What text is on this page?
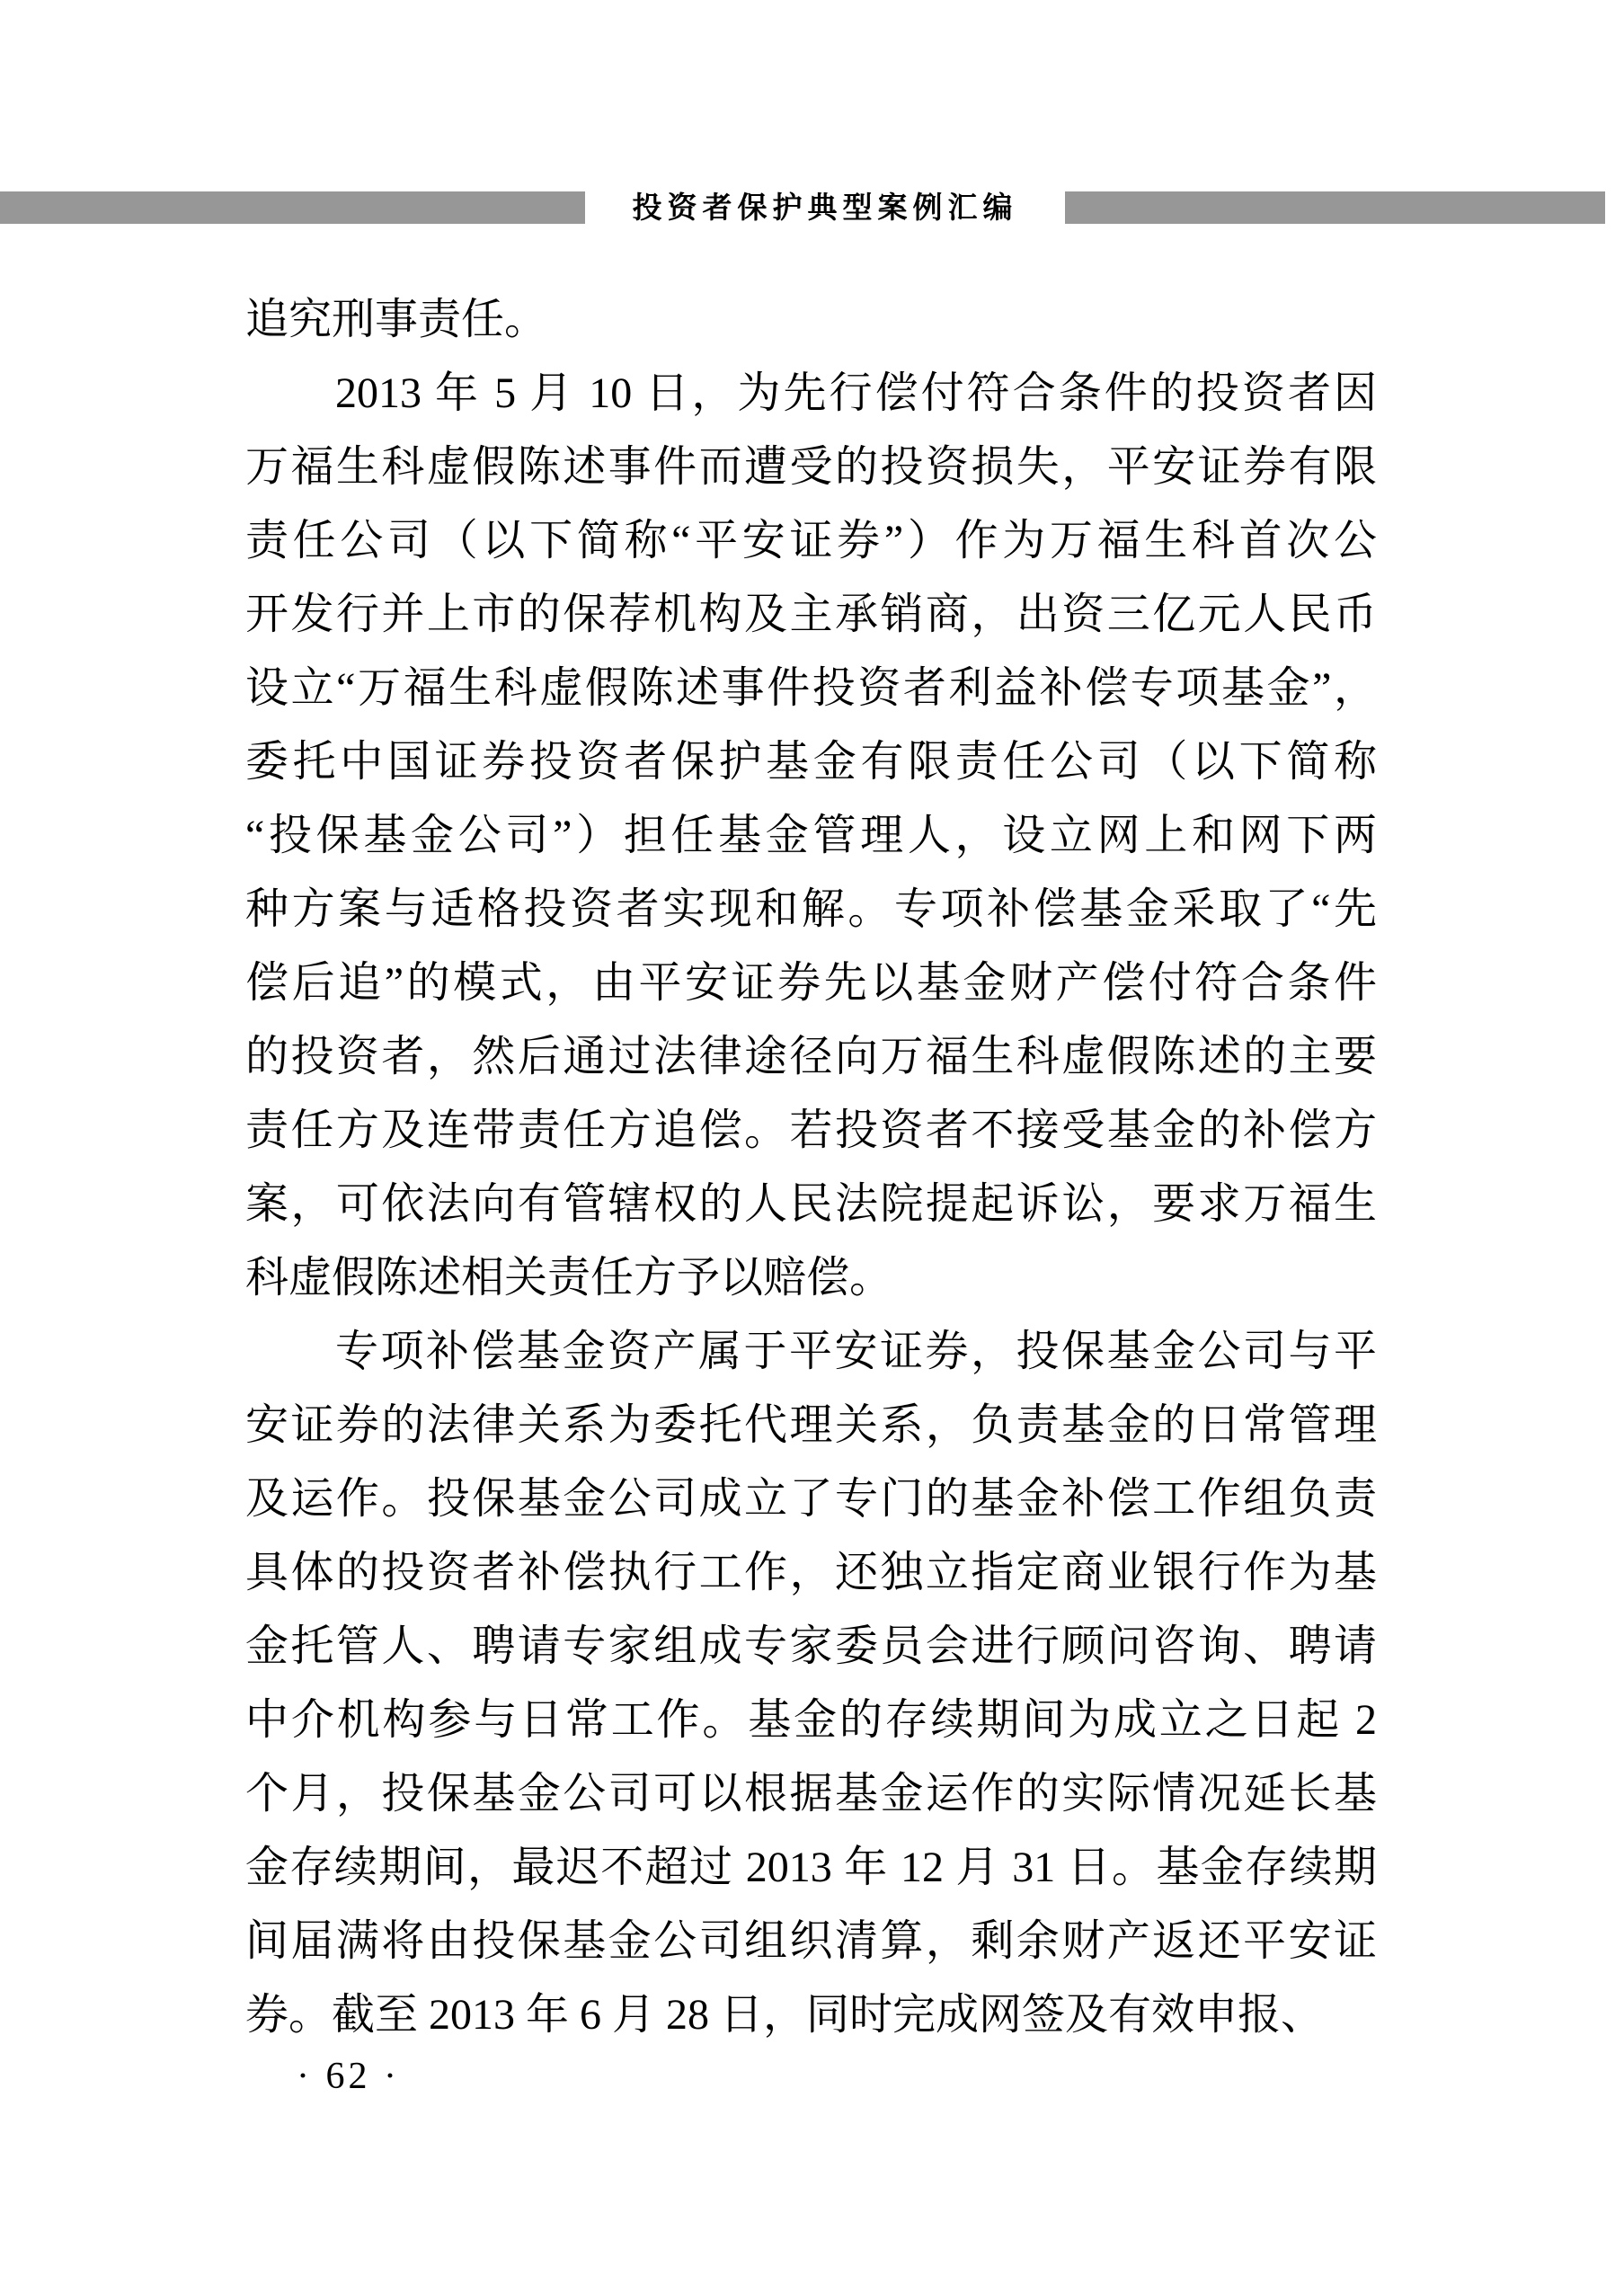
投资者保护典型案例汇编
追究刑事责任。
2013 年 5 月 10 日，为先行偿付符合条件的投资者因
万福生科虚假陈述事件而遭受的投资损失，平安证券有限
责任公司（以下简称“平安证券”）作为万福生科首次公
开发行并上市的保荐机构及主承销商，出资三亿元人民币
设立“万福生科虚假陈述事件投资者利益补偿专项基金”，
委托中国证券投资者保护基金有限责任公司（以下简称
“投保基金公司”）担任基金管理人，设立网上和网下两
种方案与适格投资者实现和解。专项补偿基金采取了“先
偿后追”的模式，由平安证券先以基金财产偿付符合条件
的投资者，然后通过法律途径向万福生科虚假陈述的主要
责任方及连带责任方追偿。若投资者不接受基金的补偿方
案，可依法向有管辖权的人民法院提起诉讼，要求万福生
科虚假陈述相关责任方予以赔偿。
专项补偿基金资产属于平安证券，投保基金公司与平
安证券的法律关系为委托代理关系，负责基金的日常管理
及运作。投保基金公司成立了专门的基金补偿工作组负责
具体的投资者补偿执行工作，还独立指定商业银行作为基
金托管人、聘请专家组成专家委员会进行顾问咨询、聘请
中介机构参与日常工作。基金的存续期间为成立之日起 2
个月，投保基金公司可以根据基金运作的实际情况延长基
金存续期间，最迟不超过 2013 年 12 月 31 日。基金存续期
间届满将由投保基金公司组织清算，剩余财产返还平安证
券。截至 2013 年 6 月 28 日，同时完成网签及有效申报、
· 62 ·
